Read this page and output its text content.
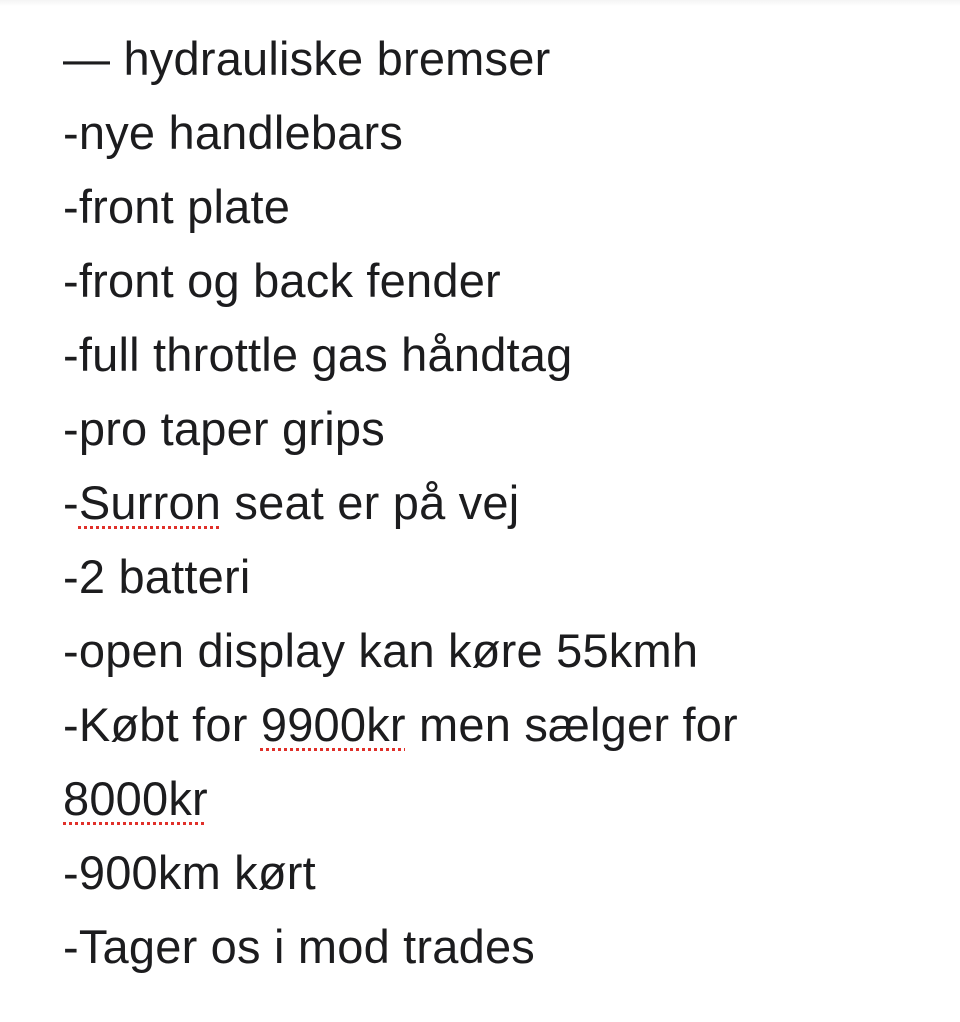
— hydrauliske bremser
-nye handlebars
-front plate
-front og back fender
-full throttle gas håndtag
-pro taper grips
-Surron seat er på vej
-2 batteri
-open display kan køre 55kmh
-Købt for 9900kr men sælger for
8000kr
-900km kørt
-Tager os i mod trades
